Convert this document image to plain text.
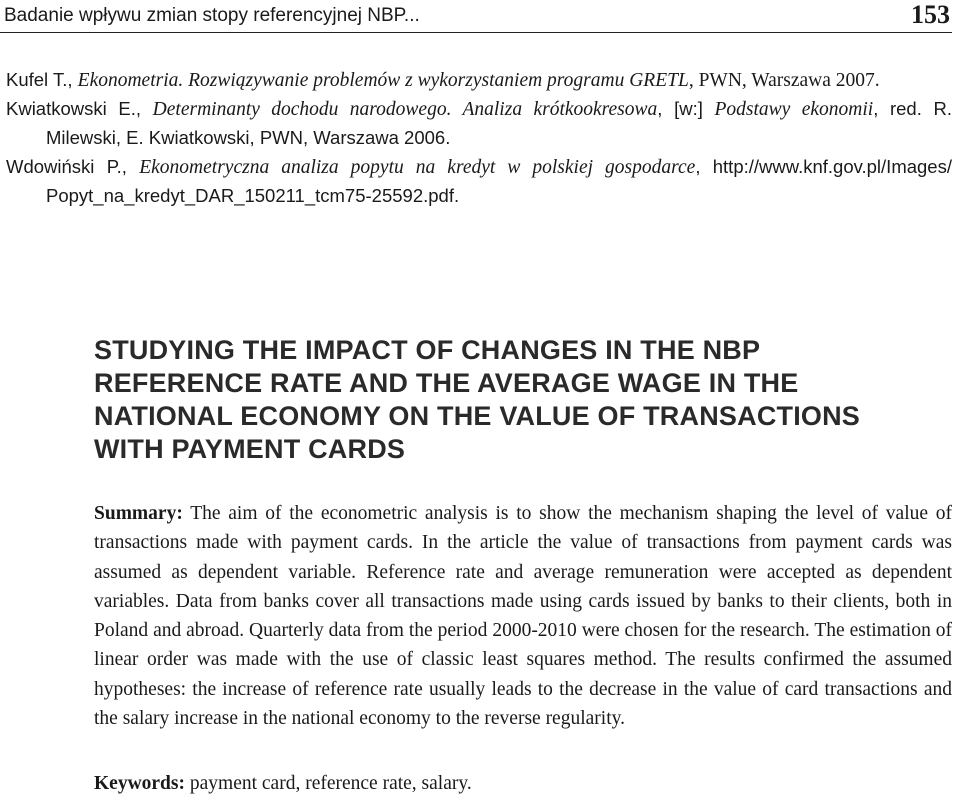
Badanie wpływu zmian stopy referencyjnej NBP...	153

Kufel T., Ekonometria. Rozwiązywanie problemów z wykorzystaniem programu GRETL, PWN, Warszawa 2007.

Kwiatkowski E., Determinanty dochodu narodowego. Analiza krótkookresowa, [w:] Podstawy ekonomii, red. R. Milewski, E. Kwiatkowski, PWN, Warszawa 2006.

Wdowiński P., Ekonometryczna analiza popytu na kredyt w polskiej gospodarce, http://www.knf.gov.pl/Images/ Popyt_na_kredyt_DAR_150211_tcm75-25592.pdf.

STUDYING THE IMPACT OF CHANGES IN THE NBP
REFERENCE RATE AND THE AVERAGE WAGE IN THE
NATIONAL ECONOMY ON THE VALUE OF TRANSACTIONS
WITH PAYMENT CARDS

Summary: The aim of the econometric analysis is to show the mechanism shaping the level of value of transactions made with payment cards. In the article the value of transactions from payment cards was assumed as dependent variable. Reference rate and average remuneration were accepted as dependent variables. Data from banks cover all transactions made using cards issued by banks to their clients, both in Poland and abroad. Quarterly data from the period 2000-2010 were chosen for the research. The estimation of linear order was made with the use of classic least squares method. The results confirmed the assumed hypotheses: the increase of reference rate usually leads to the decrease in the value of card transactions and the salary increase in the national economy to the reverse regularity.

Keywords: payment card, reference rate, salary.
